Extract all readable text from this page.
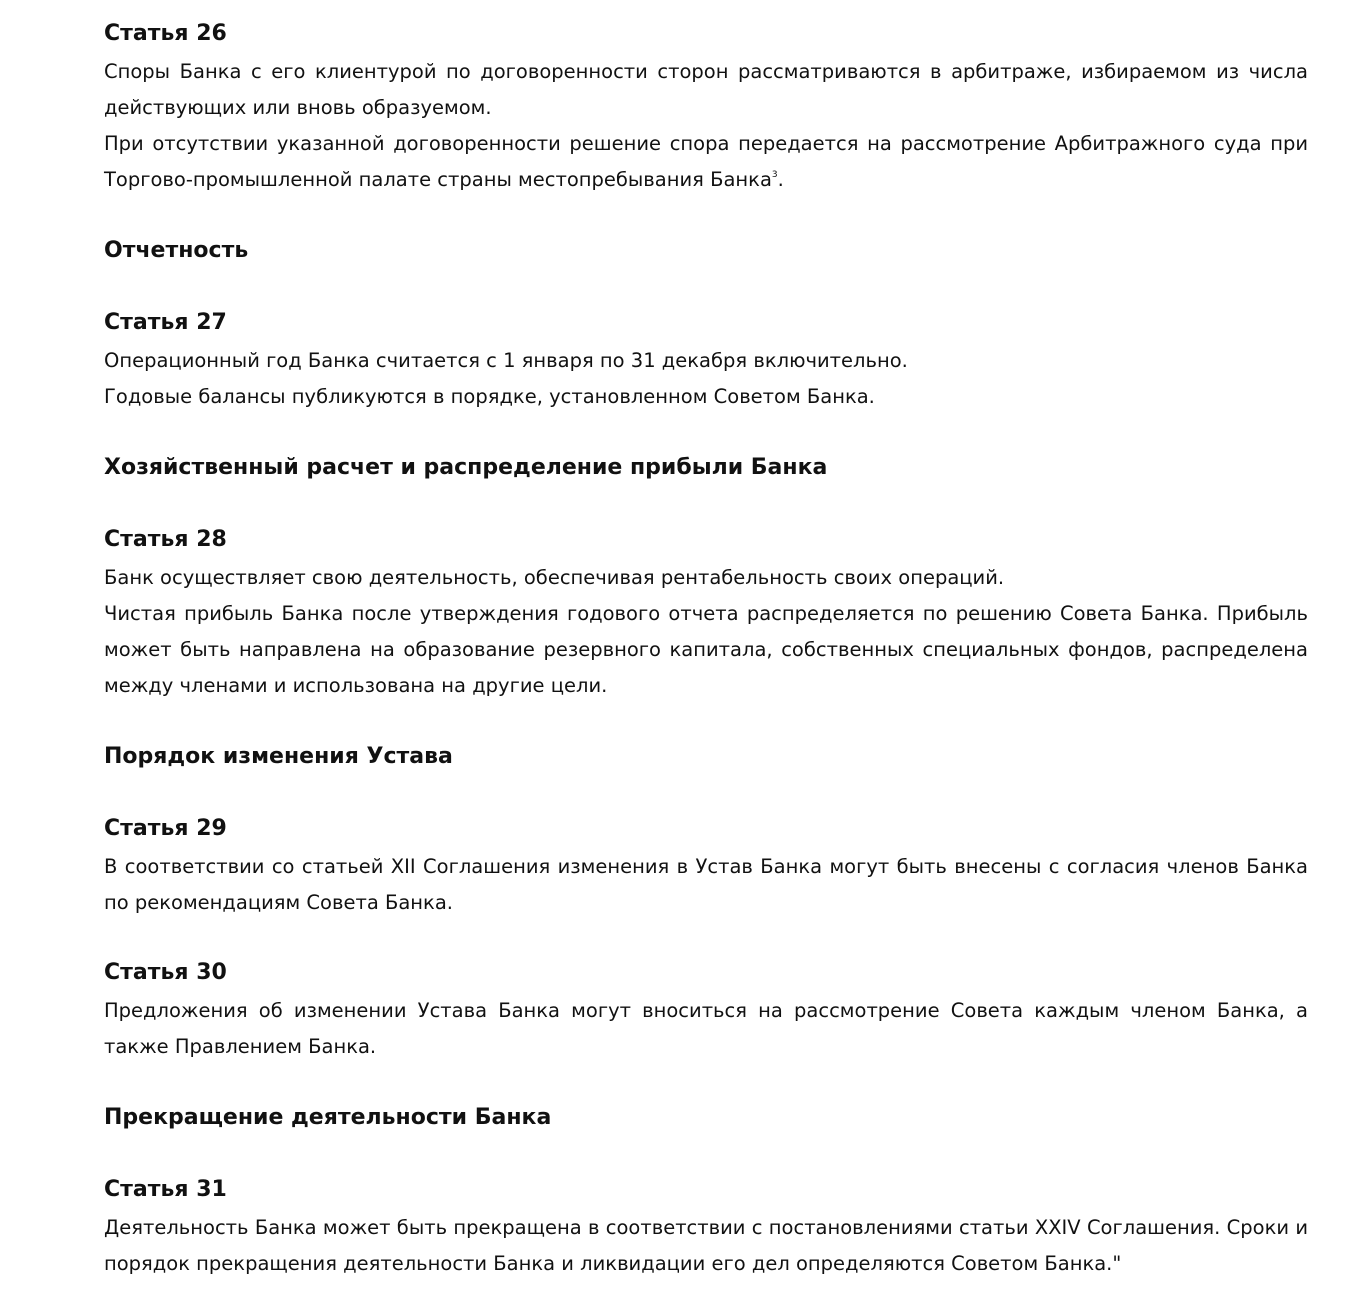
Статья 26
Споры Банка с его клиентурой по договоренности сторон рассматриваются в арбитраже, избираемом из числа действующих или вновь образуемом.
При отсутствии указанной договоренности решение спора передается на рассмотрение Арбитражного суда при Торгово-промышленной палате страны местопребывания Банка$^3$.
Отчетность
Статья 27
Операционный год Банка считается с 1 января по 31 декабря включительно.
Годовые балансы публикуются в порядке, установленном Советом Банка.
Хозяйственный расчет и распределение прибыли Банка
Статья 28
Банк осуществляет свою деятельность, обеспечивая рентабельность своих операций.
Чистая прибыль Банка после утверждения годового отчета распределяется по решению Совета Банка. Прибыль может быть направлена на образование резервного капитала, собственных специальных фондов, распределена между членами и использована на другие цели.
Порядок изменения Устава
Статья 29
В соответствии со статьей XII Соглашения изменения в Устав Банка могут быть внесены с согласия членов Банка по рекомендациям Совета Банка.
Статья 30
Предложения об изменении Устава Банка могут вноситься на рассмотрение Совета каждым членом Банка, а также Правлением Банка.
Прекращение деятельности Банка
Статья 31
Деятельность Банка может быть прекращена в соответствии с постановлениями статьи XXIV Соглашения. Сроки и порядок прекращения деятельности Банка и ликвидации его дел определяются Советом Банка."
